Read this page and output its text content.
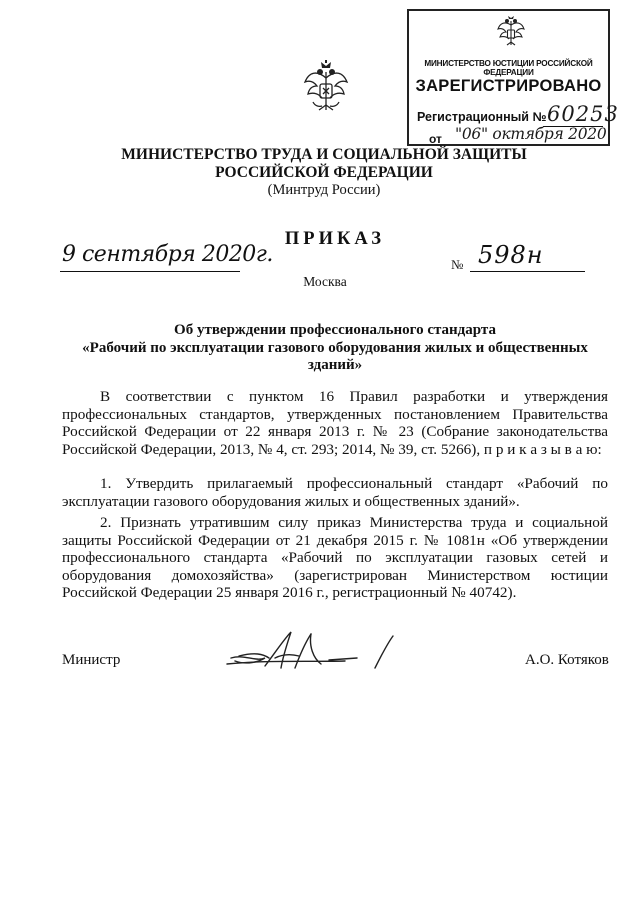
МИНИСТЕРСТВО ЮСТИЦИИ РОССИЙСКОЙ ФЕДЕРАЦИИ
ЗАРЕГИСТРИРОВАНО
Регистрационный № 60253
от "06" октября 2020
МИНИСТЕРСТВО ТРУДА И СОЦИАЛЬНОЙ ЗАЩИТЫ
РОССИЙСКОЙ ФЕДЕРАЦИИ
(Минтруд России)
ПРИКАЗ
9 сентября 2020г.	№ 598н
Москва
Об утверждении профессионального стандарта
«Рабочий по эксплуатации газового оборудования жилых и общественных
зданий»

В соответствии с пунктом 16 Правил разработки и утверждения профессиональных стандартов, утвержденных постановлением Правительства Российской Федерации от 22 января 2013 г. № 23 (Собрание законодательства Российской Федерации, 2013, № 4, ст. 293; 2014, № 39, ст. 5266), п р и к а з ы в а ю:

1. Утвердить прилагаемый профессиональный стандарт «Рабочий по эксплуатации газового оборудования жилых и общественных зданий».

2. Признать утратившим силу приказ Министерства труда и социальной защиты Российской Федерации от 21 декабря 2015 г. № 1081н «Об утверждении профессионального стандарта «Рабочий по эксплуатации газовых сетей и оборудования домохозяйства» (зарегистрирован Министерством юстиции Российской Федерации 25 января 2016 г., регистрационный № 40742).

Министр	А.О. Котяков
